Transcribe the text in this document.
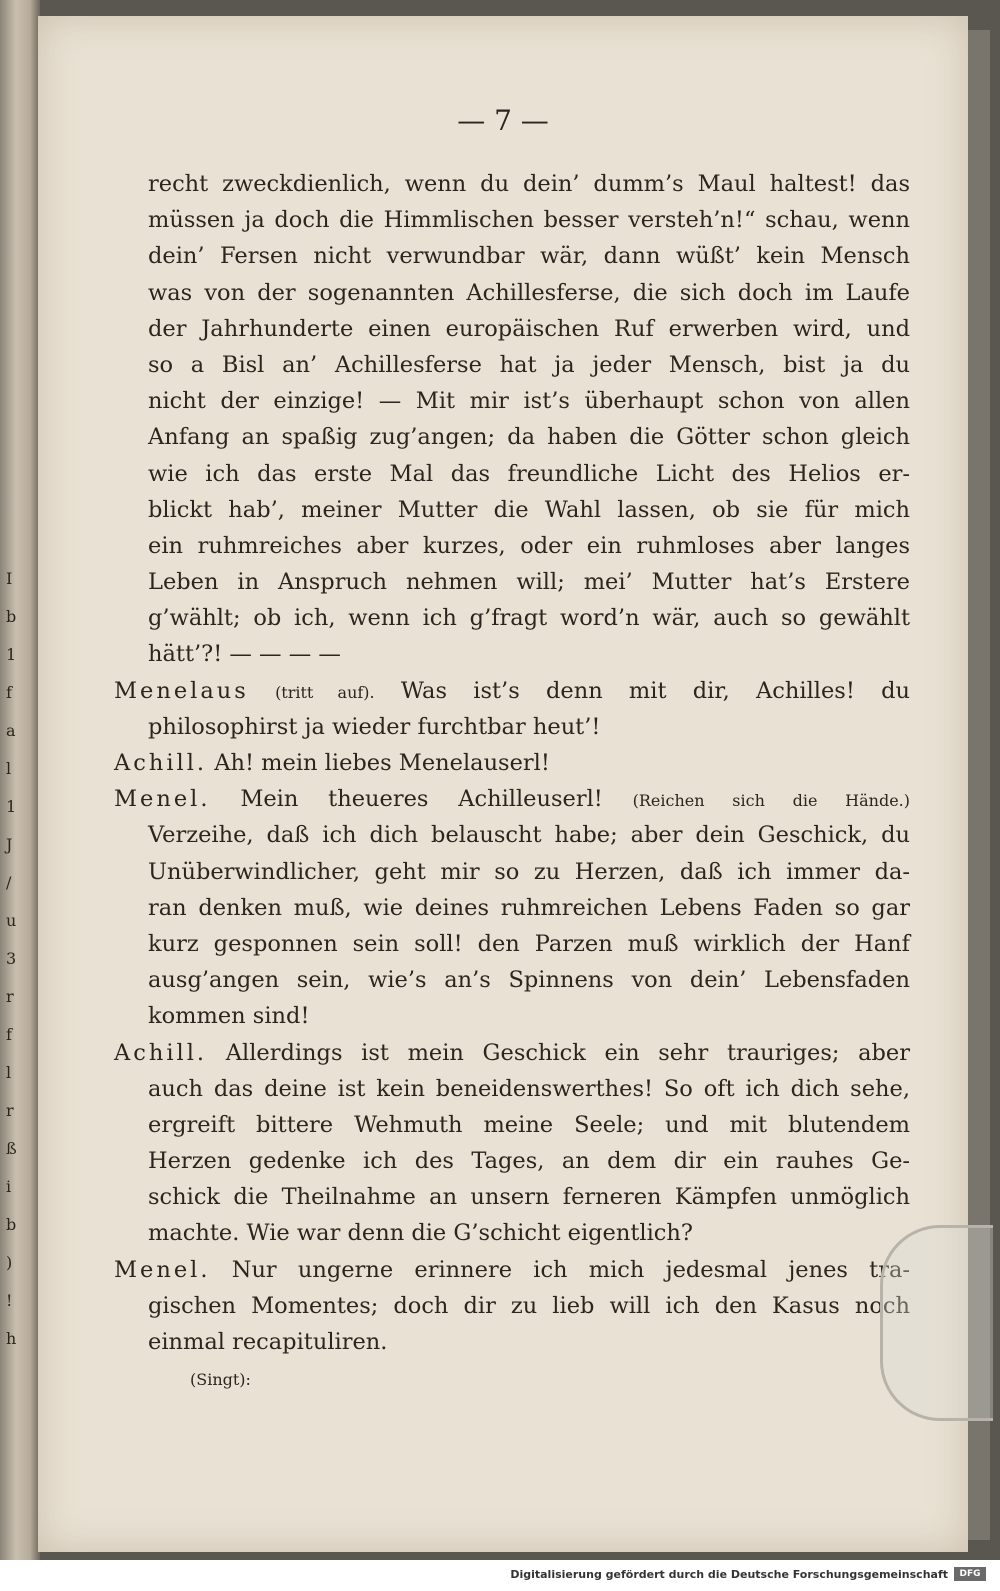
I
b
1
f
a
l
1
J
/
u
3
r
f
l
r
ß
i
b
)
!
h
— 7 —
recht zweckdienlich, wenn du dein’ dumm’s Maul haltest! das
müssen ja doch die Himmlischen besser versteh’n!“ schau, wenn
dein’ Fersen nicht verwundbar wär, dann wüßt’ kein Mensch
was von der sogenannten Achillesferse, die sich doch im Laufe
der Jahrhunderte einen europäischen Ruf erwerben wird, und
so a Bisl an’ Achillesferse hat ja jeder Mensch, bist ja du
nicht der einzige! — Mit mir ist’s überhaupt schon von allen
Anfang an spaßig zug’angen; da haben die Götter schon gleich
wie ich das erste Mal das freundliche Licht des Helios er-
blickt hab’, meiner Mutter die Wahl lassen, ob sie für mich
ein ruhmreiches aber kurzes, oder ein ruhmloses aber langes
Leben in Anspruch nehmen will; mei’ Mutter hat’s Erstere
g’wählt; ob ich, wenn ich g’fragt word’n wär, auch so gewählt
hätt’?! — — — —
Menelaus (tritt auf). Was ist’s denn mit dir, Achilles! du
philosophirst ja wieder furchtbar heut’!
Achill. Ah! mein liebes Menelauserl!
Menel. Mein theueres Achilleuserl! (Reichen sich die Hände.)
Verzeihe, daß ich dich belauscht habe; aber dein Geschick, du
Unüberwindlicher, geht mir so zu Herzen, daß ich immer da-
ran denken muß, wie deines ruhmreichen Lebens Faden so gar
kurz gesponnen sein soll! den Parzen muß wirklich der Hanf
ausg’angen sein, wie’s an’s Spinnens von dein’ Lebensfaden
kommen sind!
Achill. Allerdings ist mein Geschick ein sehr trauriges; aber
auch das deine ist kein beneidenswerthes! So oft ich dich sehe,
ergreift bittere Wehmuth meine Seele; und mit blutendem
Herzen gedenke ich des Tages, an dem dir ein rauhes Ge-
schick die Theilnahme an unsern ferneren Kämpfen unmöglich
machte. Wie war denn die G’schicht eigentlich?
Menel. Nur ungerne erinnere ich mich jedesmal jenes tra-
gischen Momentes; doch dir zu lieb will ich den Kasus noch
einmal recapituliren.
(Singt):
Digitalisierung gefördert durch die Deutsche Forschungsgemeinschaft	DFG
